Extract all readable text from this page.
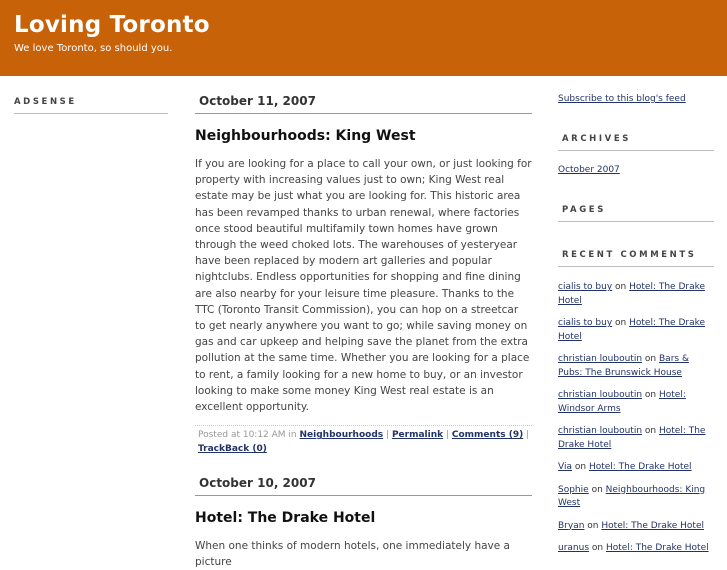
Loving Toronto

We love Toronto, so should you.

ADSENSE	October 11, 2007
Neighbourhoods: King West

If you are looking for a place to call your own, or just looking for property with increasing values just to own; King West real estate may be just what you are looking for. This historic area has been revamped thanks to urban renewal, where factories once stood beautiful multifamily town homes have grown through the weed choked lots. The warehouses of yesteryear have been replaced by modern art galleries and popular nightclubs. Endless opportunities for shopping and fine dining are also nearby for your leisure time pleasure. Thanks to the TTC (Toronto Transit Commission), you can hop on a streetcar to get nearly anywhere you want to go; while saving money on gas and car upkeep and helping save the planet from the extra pollution at the same time. Whether you are looking for a place to rent, a family looking for a new home to buy, or an investor looking to make some money King West real estate is an excellent opportunity.

Posted at 10:12 AM in Neighbourhoods | Permalink | Comments (9) |
TrackBack (0)
October 10, 2007
Hotel: The Drake Hotel

When one thinks of modern hotels, one immediately have a picture

Subscribe to this blog's feed
ARCHIVES
October 2007
PAGES
RECENT COMMENTS
cialis to buy on Hotel: The Drake Hotel
cialis to buy on Hotel: The Drake Hotel
christian louboutin on Bars & Pubs: The Brunswick House
christian louboutin on Hotel: Windsor Arms
christian louboutin on Hotel: The Drake Hotel
Via on Hotel: The Drake Hotel
Sophie on Neighbourhoods: King West
Bryan on Hotel: The Drake Hotel
uranus on Hotel: The Drake Hotel
